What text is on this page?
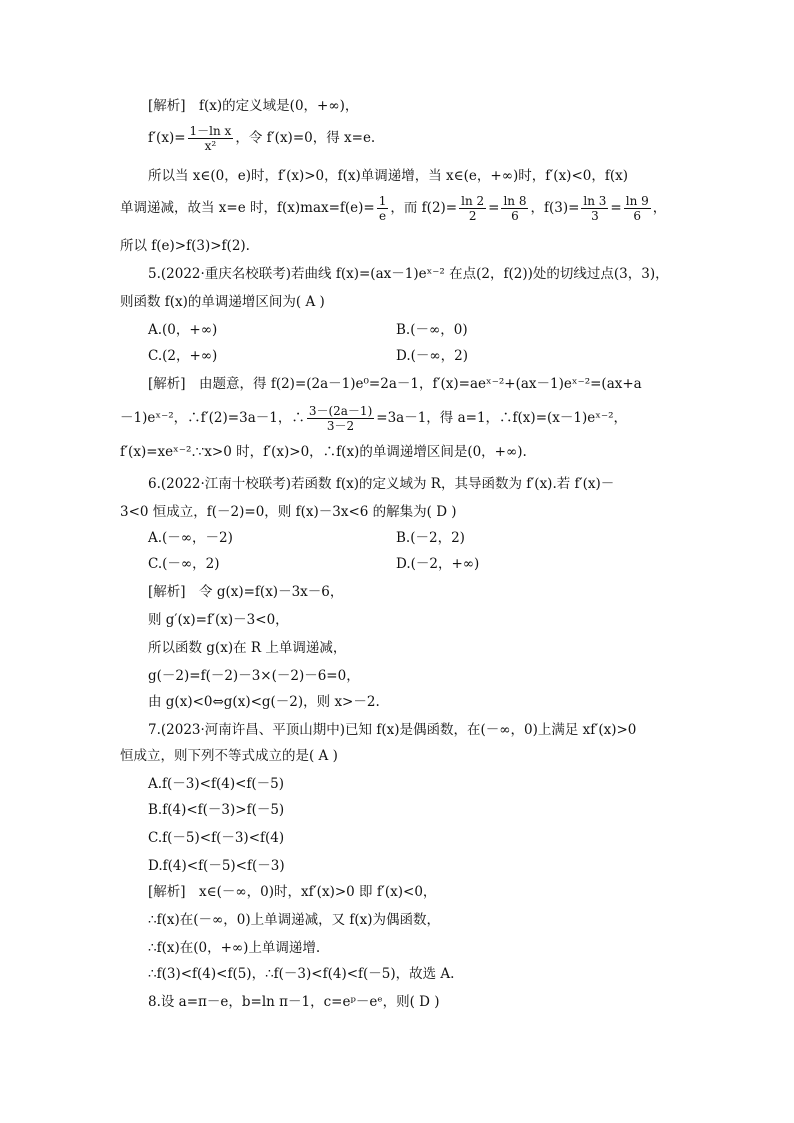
[解析]　f(x)的定义域是(0，+∞)，
$f'(x)= \frac{\text{1－ln x}}{\text{x²}}$ ，令 f′(x)=0，得 x=e.
所以当 x∈(0，e)时，f′(x)>0，f(x)单调递增，当 x∈(e，+∞)时，f′(x)<0，f(x)
单调递减，故当 x=e 时，$f(x)\max=f(e)= \frac{1}{e}$ ，而 $f(2)= \frac{\ln 2}{2} = \frac{\ln 8}{6}$ ，$f(3)= \frac{\ln 3}{3} = \frac{\ln 9}{6}$ ，
所以 f(e)>f(3)>f(2).
5.(2022·重庆名校联考)若曲线 f(x)=(ax－1)eˣ⁻² 在点(2，f(2))处的切线过点(3，3)，
则函数 f(x)的单调递增区间为( A )
A.(0，+∞)	B.(－∞，0)
C.(2，+∞)	D.(－∞，2)
[解析]　由题意，得 f(2)=(2a－1)e⁰=2a－1，f′(x)=aeˣ⁻²+(ax－1)eˣ⁻²=(ax+a
－1)eˣ⁻²，∴f′(2)=3a－1，∴ $\frac{3-(2a-1)}{3-2} =3a-1$，得 a=1，∴f(x)=(x－1)eˣ⁻²，
f′(x)=xeˣ⁻².∵x>0 时，f′(x)>0，∴f(x)的单调递增区间是(0，+∞).
6.(2022·江南十校联考)若函数 f(x)的定义域为 R，其导函数为 f′(x).若 f′(x)－
3<0 恒成立，f(－2)=0，则 f(x)－3x<6 的解集为( D )
A.(－∞，－2)	B.(－2，2)
C.(－∞，2)	D.(－2，+∞)
[解析]　令 g(x)=f(x)－3x－6，
则 g′(x)=f′(x)－3<0，
所以函数 g(x)在 R 上单调递减，
g(－2)=f(－2)－3×(－2)－6=0，
由 g(x)<0⇔g(x)<g(－2)，则 x>－2.
7.(2023·河南许昌、平顶山期中)已知 f(x)是偶函数，在(－∞，0)上满足 xf′(x)>0
恒成立，则下列不等式成立的是( A )
A.f(－3)<f(4)<f(－5)
B.f(4)<f(－3)>f(－5)
C.f(－5)<f(－3)<f(4)
D.f(4)<f(－5)<f(－3)
[解析]　x∈(－∞，0)时，xf′(x)>0 即 f′(x)<0，
∴f(x)在(－∞，0)上单调递减，又 f(x)为偶函数，
∴f(x)在(0，+∞)上单调递增.
∴f(3)<f(4)<f(5)，∴f(－3)<f(4)<f(－5)，故选 A.
8.设 a=π－e，b=ln π－1，c=eᵖ－eᵉ，则( D )
